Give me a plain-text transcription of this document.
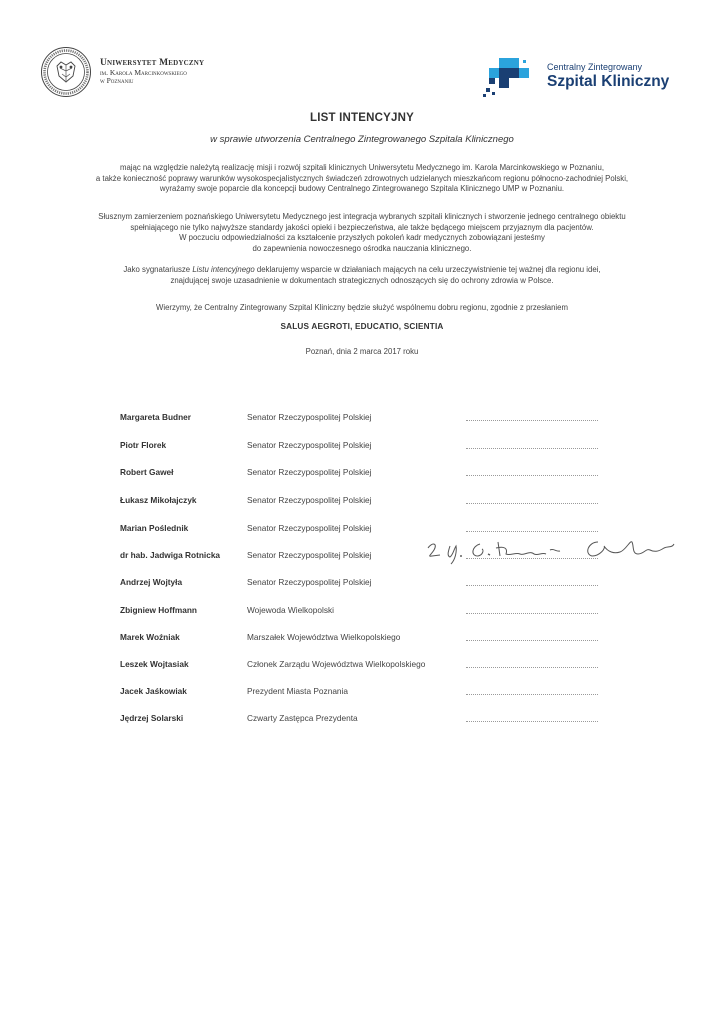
Uniwersytet Medyczny
im. Karola Marcinkowskiego
w Poznaniu
Centralny Zintegrowany
Szpital Kliniczny
LIST INTENCYJNY
w sprawie utworzenia Centralnego Zintegrowanego Szpitala Klinicznego
mając na względzie należytą realizację misji i rozwój szpitali klinicznych Uniwersytetu Medycznego im. Karola Marcinkowskiego w Poznaniu,
a także konieczność poprawy warunków wysokospecjalistycznych świadczeń zdrowotnych udzielanych mieszkańcom regionu północno-zachodniej Polski,
wyrażamy swoje poparcie dla koncepcji budowy Centralnego Zintegrowanego Szpitala Klinicznego UMP w Poznaniu.
Słusznym zamierzeniem poznańskiego Uniwersytetu Medycznego jest integracja wybranych szpitali klinicznych i stworzenie jednego centralnego obiektu
spełniającego nie tylko najwyższe standardy jakości opieki i bezpieczeństwa, ale także będącego miejscem przyjaznym dla pacjentów.
W poczuciu odpowiedzialności za kształcenie przyszłych pokoleń kadr medycznych zobowiązani jesteśmy
do zapewnienia nowoczesnego ośrodka nauczania klinicznego.
Jako sygnatariusze Listu intencyjnego deklarujemy wsparcie w działaniach mających na celu urzeczywistnienie tej ważnej dla regionu idei,
znajdującej swoje uzasadnienie w dokumentach strategicznych odnoszących się do ochrony zdrowia w Polsce.
Wierzymy, że Centralny Zintegrowany Szpital Kliniczny będzie służyć wspólnemu dobru regionu, zgodnie z przesłaniem
SALUS AEGROTI, EDUCATIO, SCIENTIA
Poznań, dnia 2 marca 2017 roku
Margareta Budner	Senator Rzeczypospolitej Polskiej
Piotr Florek	Senator Rzeczypospolitej Polskiej
Robert Gaweł	Senator Rzeczypospolitej Polskiej
Łukasz Mikołajczyk	Senator Rzeczypospolitej Polskiej
Marian Poślednik	Senator Rzeczypospolitej Polskiej
dr hab. Jadwiga Rotnicka	Senator Rzeczypospolitej Polskiej
Andrzej Wojtyła	Senator Rzeczypospolitej Polskiej
Zbigniew Hoffmann	Wojewoda Wielkopolski
Marek Woźniak	Marszałek Województwa Wielkopolskiego
Leszek Wojtasiak	Członek Zarządu Województwa Wielkopolskiego
Jacek Jaśkowiak	Prezydent Miasta Poznania
Jędrzej Solarski	Czwarty Zastępca Prezydenta
